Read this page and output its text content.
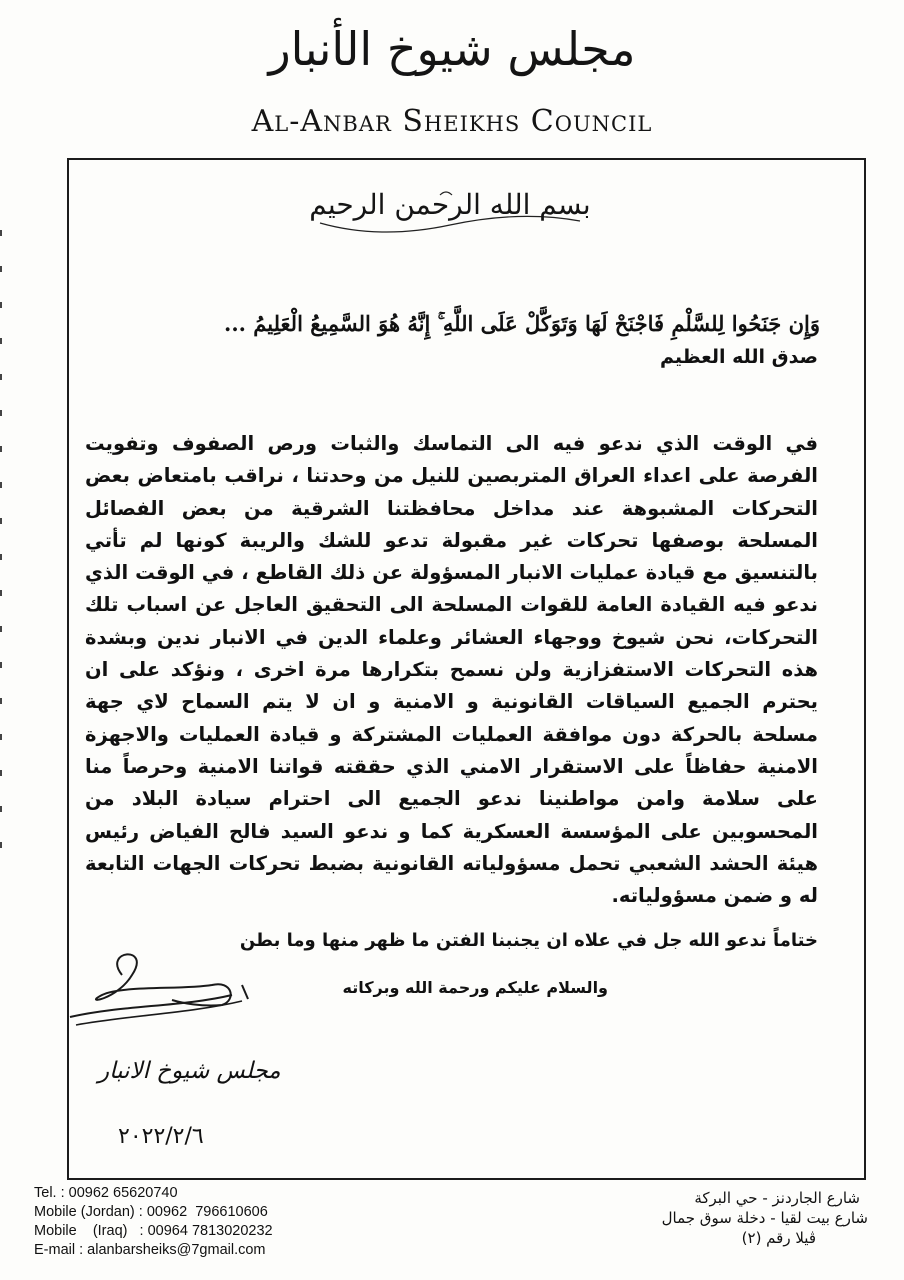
مجلس شيوخ الأنبار
Al-Anbar Sheikhs Council
بسم الله الرحمن الرحيم
وَإِن جَنَحُوا لِلسَّلْمِ فَاجْنَحْ لَهَا وَتَوَكَّلْ عَلَى اللَّهِ ۚ إِنَّهُ هُوَ السَّمِيعُ الْعَلِيمُ ...
صدق الله العظيم
في الوقت الذي ندعو فيه الى التماسك والثبات ورص الصفوف وتفويت الفرصة على اعداء العراق المتربصين للنيل من وحدتنا ، نراقب بامتعاض بعض التحركات المشبوهة عند مداخل محافظتنا الشرقية من بعض الفصائل المسلحة بوصفها تحركات غير مقبولة تدعو للشك والريبة كونها لم تأتي بالتنسيق مع قيادة عمليات الانبار المسؤولة عن ذلك القاطع ، في الوقت الذي ندعو فيه القيادة العامة للقوات المسلحة الى التحقيق العاجل عن اسباب تلك التحركات، نحن شيوخ ووجهاء العشائر وعلماء الدين في الانبار ندين وبشدة هذه التحركات الاستفزازية ولن نسمح بتكرارها مرة اخرى ، ونؤكد على ان يحترم الجميع السياقات القانونية و الامنية و ان لا يتم السماح لاي جهة مسلحة بالحركة دون موافقة العمليات المشتركة و قيادة العمليات والاجهزة الامنية حفاظاً على الاستقرار الامني الذي حققته قواتنا الامنية وحرصاً منا على سلامة وامن مواطنينا ندعو الجميع الى احترام سيادة البلاد من المحسوبين على المؤسسة العسكرية كما و ندعو السيد فالح الفياض رئيس هيئة الحشد الشعبي تحمل مسؤولياته القانونية بضبط تحركات الجهات التابعة له و ضمن مسؤولياته.
ختاماً ندعو الله جل في علاه ان يجنبنا الفتن ما ظهر منها وما بطن
والسلام عليكم ورحمة الله وبركاته
مجلس شيوخ الانبار
٢٠٢٢/٢/٦
Tel. : 00962 65620740
Mobile (Jordan) : 00962  796610606
Mobile    (Iraq)   : 00964 7813020232
E-mail : alanbarsheiks@7gmail.com
شارع الجاردنز - حي البركة
شارع بيت لقيا - دخلة سوق جمال
ڤيلا رقم (٢)
